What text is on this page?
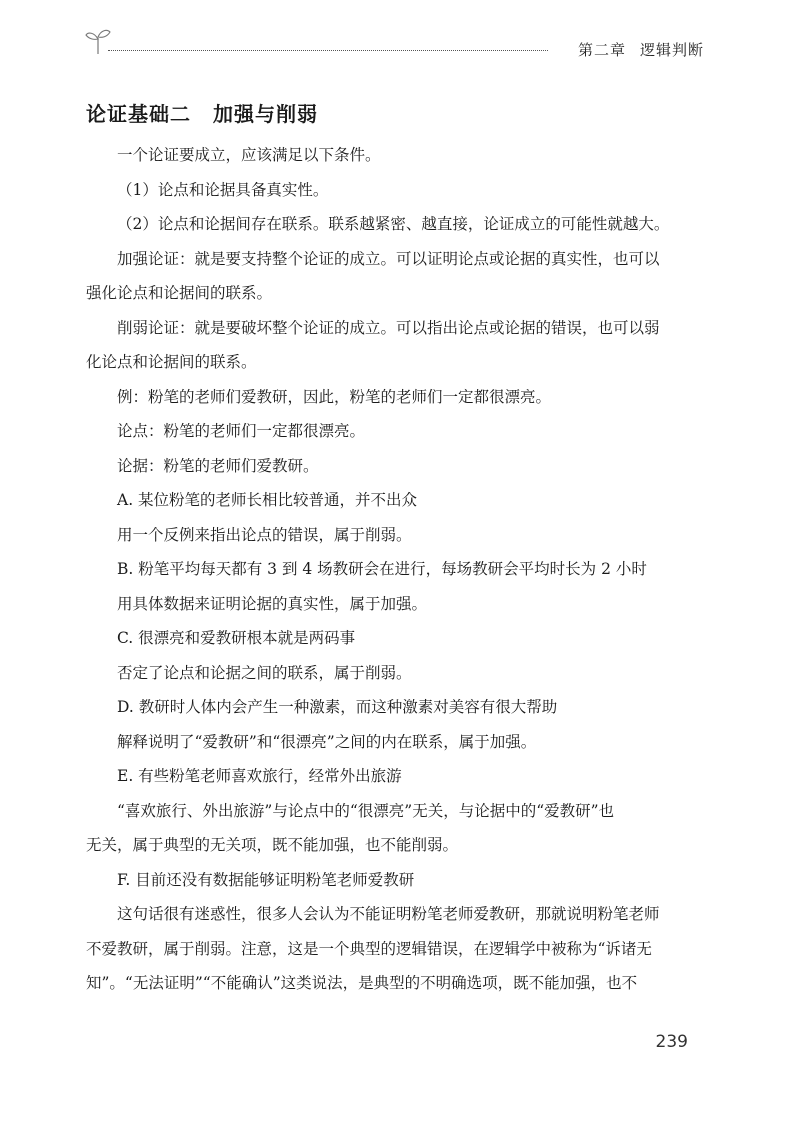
第二章 逻辑判断
论证基础二 加强与削弱
一个论证要成立，应该满足以下条件。
（1）论点和论据具备真实性。
（2）论点和论据间存在联系。联系越紧密、越直接，论证成立的可能性就越大。
加强论证：就是要支持整个论证的成立。可以证明论点或论据的真实性，也可以
强化论点和论据间的联系。
削弱论证：就是要破坏整个论证的成立。可以指出论点或论据的错误，也可以弱
化论点和论据间的联系。
例：粉笔的老师们爱教研，因此，粉笔的老师们一定都很漂亮。
论点：粉笔的老师们一定都很漂亮。
论据：粉笔的老师们爱教研。
A. 某位粉笔的老师长相比较普通，并不出众
用一个反例来指出论点的错误，属于削弱。
B. 粉笔平均每天都有 3 到 4 场教研会在进行，每场教研会平均时长为 2 小时
用具体数据来证明论据的真实性，属于加强。
C. 很漂亮和爱教研根本就是两码事
否定了论点和论据之间的联系，属于削弱。
D. 教研时人体内会产生一种激素，而这种激素对美容有很大帮助
解释说明了“爱教研”和“很漂亮”之间的内在联系，属于加强。
E. 有些粉笔老师喜欢旅行，经常外出旅游
“喜欢旅行、外出旅游”与论点中的“很漂亮”无关，与论据中的“爱教研”也
无关，属于典型的无关项，既不能加强，也不能削弱。
F. 目前还没有数据能够证明粉笔老师爱教研
这句话很有迷惑性，很多人会认为不能证明粉笔老师爱教研，那就说明粉笔老师
不爱教研，属于削弱。注意，这是一个典型的逻辑错误，在逻辑学中被称为“诉诸无
知”。“无法证明”“不能确认”这类说法，是典型的不明确选项，既不能加强，也不
239
